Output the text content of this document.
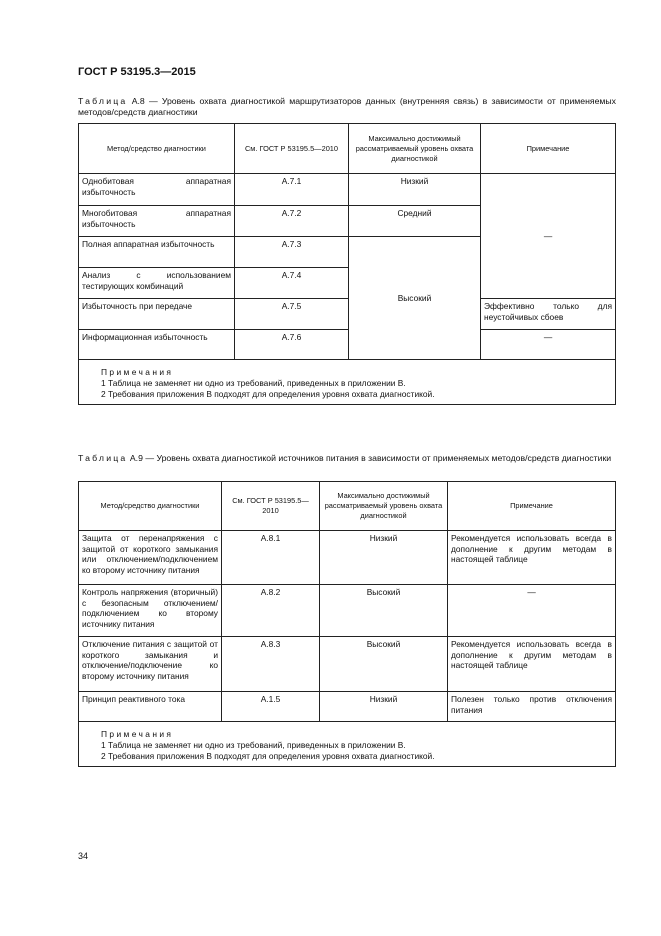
ГОСТ Р 53195.3—2015
Таблица А.8 — Уровень охвата диагностикой маршрутизаторов данных (внутренняя связь) в зависимости от применяемых методов/средств диагностики
Метод/средство диагностики	См. ГОСТ Р 53195.5—2010	Максимально достижимый рассматриваемый уровень охвата диагностикой	Примечание
Однобитовая аппаратная избыточность	А.7.1	Низкий	—
Многобитовая аппаратная избыточность	А.7.2	Средний	
Полная аппаратная избыточность	А.7.3	Высокий	
Анализ с использованием тестирующих комбинаций	А.7.4		
Избыточность при передаче	А.7.5		Эффективно только для неустойчивых сбоев
Информационная избыточность	А.7.6		—

Примечания
1 Таблица не заменяет ни одно из требований, приведенных в приложении В.
2 Требования приложения В подходят для определения уровня охвата диагностикой.			
Таблица А.9 — Уровень охвата диагностикой источников питания в зависимости от применяемых методов/средств диагностики
Метод/средство диагностики	См. ГОСТ Р 53195.5—2010	Максимально достижимый рассматриваемый уровень охвата диагностикой	Примечание
Защита от перенапряжения с защитой от короткого замыкания или отключением/подключением ко второму источнику питания	А.8.1	Низкий	Рекомендуется использовать всегда в дополнение к другим методам в настоящей таблице
Контроль напряжения (вторичный) с безопасным отключением/подключением ко второму источнику питания	А.8.2	Высокий	—
Отключение питания с защитой от короткого замыкания и отключение/подключение ко второму источнику питания	А.8.3	Высокий	Рекомендуется использовать всегда в дополнение к другим методам в настоящей таблице
Принцип реактивного тока	А.1.5	Низкий	Полезен только против отключения питания

Примечания
1 Таблица не заменяет ни одно из требований, приведенных в приложении В.
2 Требования приложения В подходят для определения уровня охвата диагностикой.			
34
